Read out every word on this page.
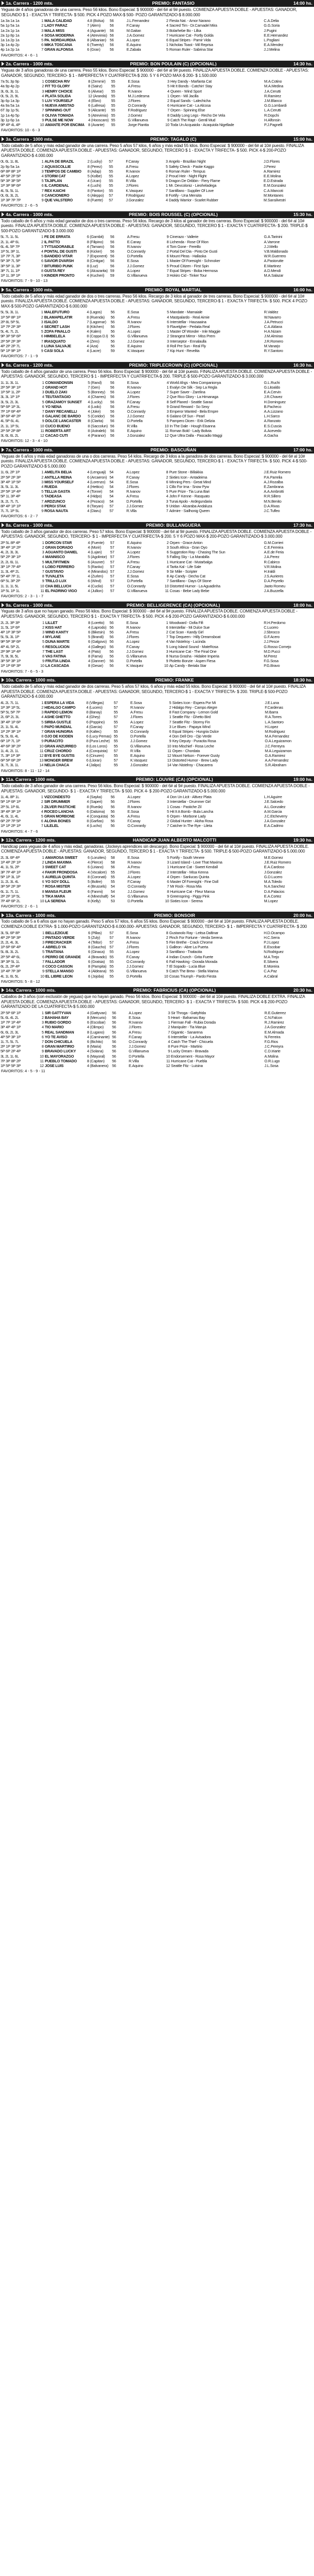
1a. Carrera - 1200 mts.	PREMIO: FANTASIO	14:00 hs.
Yeguas de 4 años ganadoras de una carrera. Peso 56 kilos. Bono Especial: $ 900000 - del 6# al 9# puesto. COMIENZA APUESTA DOBLE - APUESTAS: GANADOR, SEGUNDO $ 1 - EXACTA Y TRIFECTA- $ 500. PICK 4 POZO MAX-$ 500- POZO GARANTIZADO-$ 8.000.000
1a 3a 1a 1a	1	MALA CALIDAD	4.8 (Bolsa)	56	J.L.Fernandez	2	Fiesta Nat. - Amor Narano	C.A.Delia
5a 1p 5a 1a	2	LADY PARAZ	7 (Alem)	56	F.Canay	4	Sacred Tim - Dr.Carnadel Mira	G.G.Soria
1a 2a 1p 1a	3	MALA MISS	4 (Aguante)	56	M.Gaitan	3	Bolarhebe Bo - Lilka	J.Pugini
2a 1p 8p 1a	4	SOSA MODERNA	4 (Atrevimio)	56	J.A.Gomez	7	Hurricane Cat - Fortly Golda	E.E.Hernandez
1a 1a 2p 1a	5	PA. NORDAURDIA	8 (Albanian)	56	A.Lopez	6	Equal Stripes - Pamir Vida	L.Pogliani
3p 1a 4p 2p	6	MIKA TOSCANA	6 (Twenty)	56	E.Aquino	1	Nicholas Toast - Mil Reprisa	E.A.Mendez
4p 1a 2p 1a	7	GRAN ALFONSA	6 (Gran)	56	E.Zabala	5	Roman Ruler - Sabrina Star	J.J.Melina
FAVORITOS: 4 - 6 - 1
2a. Carrera - 1000 mts.	PREMIO: BON POULAIN (C) (OPCIONAL)	14:30 hs.
Yeguas de 3 años ganadoras de una carrera. Peso 55 kilos. Bono Especial: $ 900000 - del 6# al 9# puesto. FINALIZA APUESTA DOBLE. COMIENZA DOBLE - APUESTAS: GANADOR, SEGUNDO, TERCERO- $ 1 - IMPERFECTA Y CUATRIFECTA-$ 200. 5 Y 6 POZO MAX-$ 200- $ 1.500.000
7a 5L 3p 9p	1	COSECHA RIV	8 (Zemmir)	55	E.Sosa	3	Hey Dandy - Marfanta Cat	M.A.Cotino
4a 9p 4p 2p	2	FIT TO GLORY	8 (Sainz)	55	A.Fresu	5	Hit It Bonds - Catchin' Stay	M.A.Medina
3L 6L 3L 1L	3	HENRY CHOICE	6 (Alvear)	55	R.Ivanov	4	Queen - Wind Sport	J.A.Cerutti
0L 5L 2L 9L	4	PLATA SOLIDA	12 (Aranda)	55	M.J.Ledesma	1	Orpen - Mil Jacilla	R.Ramirez
3p 6p 1a 3p	5	LUV YOURSELF	4 (Ebro)	55	J.Flores	2	Equal Sands - Lalechicha	J.M.Blanco
4a 9a 5a 1a	6	NUEVA AMISTAD	6 (Lafresa)	55	O.Conrardy	6	Hurricane Cat - La Alcosa	G.G.Lombardi
6T 3p 1p 5L	7	SPINNING OUT	9 (Alicante)	55	F.Rodriguez	7	Orpen - Spinning Else	L.A.Cerutti
1p 1a 4p 5p	8	OLIVIA TOMADA	5 (Atrevimio)	55	J.Gomez	8	Daddy Long Legs - Recho De Vela	R.Dopchi
3p 1p 6p 1a	9	PULSE ME NOW	4 (Hooscaro)	55	G.Villanueva	9	Catch The Rapt - Gentil Mud	H.Alfonsin
9P 4P 4L 4P	10	AMANTE POR ENCIMA	8 (Avante)	55	Jorge Piantta	10	Toda Un Acquaiola - Acaquiola Nigellade	P.J.Pagnelli
FAVORITOS: 10 - 6 - 3
3a. Carrera - 1000 mts.	PREMIO: TAGALO (C)	15:00 hs.
Todo caballo de 5 años y más edad ganador de una carrera. Peso 5 años 57 kilos, 6 años y más edad 55 kilos. Bono Especial: $ 900000 - del 6# al 10# puesto. FINALIZA APUESTA DOBLE. COMIENZA APUESTA DOBLE - APUESTAS: GANADOR, SEGUNDO, TERCERO $ 1 - EXACTA Y TRIFECTA- $ 500. PICK 4-$ 200-POZO GARANTIZADO-$ 4.000.000
0L 6L 1L 8L	1	ALFA DE BRAZIL	2 (Lucky)	57	F.Canay	3	Angelo - Brazilian Night	J.D.Flores
2p 9p 5a 1a	2	AQUASCOLLIE	8 (Perez)	55	A.Fresu	5	Safety Check - Pastie Kaggo	J.Perez
6P 8P 8P 1P	3	TEMPOS DE CAMBIO	8 (Adap)	55	R.Ivanov	6	Roman Ruler - Tempus	A.Ramirez
4P 5P 2P 5P	4	STORM CAT	5 (Kolbe)	55	A.Lopez	2	Proud Heir - Night Flight	E.E.Molina
5P 3P 3P 5P	5	TAJIPLAN	4 (Ucan)	55	R.Villa	9	Dragon De Oribbin - Fiery Flame	E.D.Estrada
1P 3P 9P 6P	6	IL CARDENAL	4 (Luchi)	55	J.Flores	1	Mr. Devcoloniz - Lieoheladega	E.M.Gonzalez
4L 5L 5L 1L	7	REX KAICHI	8 (Panton)	55	K.Vasquez	7	Santillano - Supplier Of Love	C.A.Mancoti
0L 6L 3L 2L	8	CANCIONERO	6 (Aleppo)	57	F.Rodriguez	8	Fortify - Una Mensita	M.Montanes
1P 3P 7P 7P	9	QUE VALSTERO	8 (Fuerte)	57	J.Gonzalez	4	Daddy Warrior - Scarlet Rubber	M.Sansilvestri
FAVORITOS: 2 - 6 - 5
4a. Carrera - 1000 mts.	PREMIO: BOIS ROUSSEL (C) (OPCIONAL)	15:30 hs.
Todo caballo de 6 años y más edad ganador de dos o tres carreras. Peso 56 kilos. Recargo de 3 kilos al ganador de tres carreras. Bono Especial: $ 900000 - del 6# al 10# puesto. FINALIZA APUESTA DOBLE. COMIENZA APUESTA DOBLE - APUESTAS: GANADOR, SEGUNDO, TERCERO $ 1 - EXACTA Y CUATRIFECTA- $ 200. TRIPLE-$ 500-POZO GARANTIZADO-$ 3.000.000
5L 7L 1L 5L	1	FE DE ERRATA	6 (Gambit)	56	A.Fresu	9	Cinerazo - Vallerie	G.A.Tarinini
2L 1L 4P 6L	2	IL PATTO	8 (Filipino)	56	E.Canay	8	Lichenda - Rose Of Rion	A.Varrone
6L 4L 5P 7P	3	TYTSADORABLE	4 (Tamaro)	56	R.Ivanov	4	Tom Gone - Fereillo	J.J.Mello
1P 5L 3P 1L	4	PONTAL DE GUSTI	8 (Kicker)	56	O.Conrardy	2	Portal Del Dia - Pinto De Gusti	V.B.Maldonado
1P 7P 7L 3P	5	BANDIDO VITAR	7 (Exponent)	56	D.Portella	6	Mount Pleas - Hallaska	W.R.Guerrero
5P 3P 7L 5P	6	SAVIOR DVARSH	8 (Cintigar)	56	E.Sosa	1	Master Of Foresight - Schmoker	A.Pastorutte
3P 5P 1L 3P	7	BITURIBO PUNK	8 (Luz)	56	J.J.Gomez	5	Proud Citizen - First Spin	E.Martinez
3P 7L 1L 1P	8	GUSTA REY	6 (Alcazarita)	59	A.Lopez	7	Equal Stripes - Boba Hermosa	A.D.Mendi
1P 1L 3P 1P	9	KINDER PRONTO	4 (Kucheri)	59	G.Villanueva	3	Hokiro Cid - Tinker Tour	M.A.Salazar
FAVORITOS: 7 - 9 - 10 - 13
5a. Carrera - 1000 mts.	PREMIO: ROYAL MARTIAL	16:00 hs.
Todo caballo de 5 años y más edad ganador de dos o tres carreras. Peso 56 kilos. Recargo de 3 kilos al ganador de tres carreras. Bono Especial: $ 900000 - del 6# al 10# puesto. FINALIZA APUESTA DOBLE. COMIENZA APUESTA DOBLE - APUESTAS: GANADOR, SEGUNDO, TERCERO-$ 1 - EXACTA Y TRIFECTA- $ 500. PICK 4 POZO MAX-$ 500-POZO GARANTIZADO-$ 6.000.000
5L 5L 3L 1L	1	MALEFUTURO	4 (Lagos)	56	E.Sosa	5	Mandate - Mamaiale	R.Valdez
1P 5P 8P 1P	2	BLAMAPELATIR	8 (Ruenda)	56	A.Fresu	4	Mastpalardo - Real Aimie	W.Navarro
2P 8L 5P 5L	3	ISALDO	7 (Lagomar)	56	R.Ivanov	6	Interstellar - Hausaaina	J.A.Petrucci
1P 7P 2P 3P	4	SECRET LASH	8 (Kitchen)	56	J.Flores	9	Flavelgher - Perlaita Real	C.A.Aldana
5L 4L 7L 2L	5	ZOFA FINALLO	4 (Kalen)	56	A.Lopez	1	Master Of Wonder - Inle Maggie	H.A.Nizam
9P 3P 5P 6P	6	HIMBELELA	8 (Coppa D.I)	56	G.Villanueva	2	Strangest Mirror - Miss Prem	J.M.Almirao
2P 5P 2P 3P	7	IRASQUATO	4 (Zero)	56	J.J.Gomez	3	Interseptor - Ennalaulla	J.R.Romero
4P 2P 2P 7L	8	LUNA SALVAJE	4 (Aza)	56	E.Aquino	8	Roll Pre Sun - Real Fly	M.Vanarjo
5P 1P 9P 1P	9	CASI SOLA	4 (Lacre)	59	K.Vasquez	7	Kip Hunt - Revelita	R.Y.Santoro
FAVORITOS: 7 - 1 - 9
6a. Carrera - 1200 mts.	PREMIO: TRIPLECROWN (C) (OPCIONAL)	16:30 hs.
Todo caballo de 4 años ganador de una carrera. Peso 56 kilos. Bono Especial: $ 900000 - del 6# al 10# puesto. FINALIZA APUESTA DOBLE. COMIENZA APUESTA DOBLE - APUESTAS: GANADOR, SEGUNDO, TERCERO $ 1 - IMPERFECTA Y CUATRIFECTA-$ 200. TRIPLE-$ 500-POZO GARANTIZADO-$ 3.000.000
1L 1L 3L 1L	1	COMANDONSIN	5 (Rand)	56	E.Sosa	4	World Ahgs - Mea Companionya	G.L.Ruchi
2P 5P 3P 1P	2	GRAND HOT	7 (Gen)	56	R.Ivanov	1	Evalyn De Silk - Sep La Regla	G.Litoaldo
1P 5P 1L 2P	3	DUELO ZAKI	5 (Bonney)	56	A.Lopez	7	Super Saver - Zarelina	E.A.Cervin
3L 3L 1P 1P	4	TEUTANTAGIO	4 (Charres)	56	J.Flores	2	Que Rico Glory - La Himanaga	J.R.Chavez
3L 5L 2L 3L	5	ORAZAMOY SUNSET	4 (Lucky)	56	F.Canay	8	Self Planed - Seattle Saraxi	H.Dominguez
5P 6P 1P 3L	6	YO NENA	4 (Lodo)	56	A.Fresu	9	Grand Reward - So Sexy	B.Pacheco
7P 1P 6P 4P	7	DANY RECANELLI	4 (Joke)	56	O.Conrardy	3	Emperor Wanted - Bela Empre	A.A.Lizzano
3P 6P 4P 2P	8	GALANC DE BARDO	5 (Coridor)	56	J.J.Gomez	6	Galano Of Sun - Pearl	L.H.Sarco
4L 5P 6L 4L	9	DOLCE LANCASTER	8 (Clarita)	56	D.Portella	5	Pampero Dicen - Erik Delizia	A.Ranzato
2L 1L 1P 5L	10	CUCO BUENO	8 (Saccolun)	56	R.Villa	10	In The Dale - Hough Eisanna	E.S.Cuscia
2P 5P 2P 8P	11	ROBERTA ART	8 (Astraleb)	56	E.Aquino	11	Roman Bold - Lady Bolivia	A.Acevedo
3L 6L 6L 2L	12	CACAO CUTI	4 (Paranor)	56	J.Gonzalez	12	Que Ultra Dalla - Pascadio Maggi	A.Gacha
FAVORITOS: 12 - 3 - 4 - 10
7a. Carrera - 1000 mts.	PREMIO: BASCUÑAN	17:00 hs.
Yeguas de 6 años y más edad ganadoras de una o dos carreras. Peso 54 kilos. Recargo de 3 kilos a la ganadora de dos carreras. Bono Especial: $ 900000 - del 6# al 10# puesto. FINALIZA APUESTA DOBLE. COMIENZA APUESTA DOBLE - APUESTAS: GANADOR, SEGUNDO, TERCERO-$ 1 - EXACTA Y TRIFECTA- $ 500. PICK 4-$ 500-POZO GARANTIZADO-$ 5.000.000
1L 6L 2P 1P	1	AMELITA BELIA	4 (Lenguaji)	54	A.Lopez	8	Pure Stone - Billakkia	J.E.Ruiz Romero
2P 5P 2P 3P	2	ANTILLA REINA	6 (Arcaeron)	54	F.Canay	2	Sixties Icon - Antadeima	P.A.Parrelia
3P 4P 1P 5P	3	MISS YOURSELF	4 (Lorenzo)	54	E.Sosa	6	Winning Pers - Great Mind	A.J.Rozalba
3L 5L 1L 3L	4	RUEDA	4 (Hettico)	54	J.Flores	1	Cillo For Ima - Snow Pyw	E.Zambrana
2P 5P 1P 4P	5	TELLIA GASTA	4 (Tonne)	54	R.Ivanov	5	Pure Prize - Tia Luna Bari	A.A.Ambrotti
5P 1L 3P 4P	6	TADEASA	4 (Hidpo)	54	A.Fresu	4	John F Kenne - Rasquato	R.R.Sillero
3L 2L 7L 7L	7	ARDZUNCO	4 (Pezaco)	54	D.Portella	3	Tunai Apolo - Ardegundaria	M.N.Benito
8P 4P 1P 1P	8	PERGI STAK	8 (Taryan)	57	J.J.Gomez	9	Uridan - Alcaraba Andaluza	D.A.Rivas
7L 7L 1P 5L	9	ROSA NAUTA	4 (Diaru)	57	R.Villa	7	Admire - Sailhonig Queen	J.C.Tufleo
FAVORITOS: 6 - 2 - 7
8a. Carrera - 1000 mts.	PREMIO: BULLANGUERA	17:30 hs.
Todo caballo de 3 años ganador de dos carreras. Peso 57 kilos. Bono Especial: $ 900000 - del 6# al 9# puesto. FINALIZA APUESTA DOBLE. COMIENZA APUESTA DOBLE - APUESTAS: GANADOR, SEGUNDO, TERCERO- $ 1 - IMPERFECTA Y CUATRIFECTA-$ 200. 5 Y 6 POZO MAX-$ 200-POZO GARANTIZADO-$ 3.000.000
2P 5L 8P 4P	1	DORCON STAR	4 (Fuente)	57	E.Aquino	2	Orpen - Grace Anton	G.M.Corrieri
3P 4P 1P 2P	2	GRAN DORADO	4 (Morir)	57	R.Ivanov	3	South Africa - Gran Oyo	C.E.Ferreira
4L 2L 3L 3L	3	AGUANTO DANIEL	4 (Lujan)	57	A.Lopez	6	Suggestion Ray - Chasing The Sun	A.E.de Feria
5P 2P 3P 1P	4	MANNISCO	5 (Agolintor)	57	J.Flores	5	Falling Sky - La Marabilla	J.A.Perez
2L 2L 6L 1L	5	MULTIFITMEN	6 (Asuner)	57	A.Fresu	1	Hurricane Cat - Mutarbalga	R.Cabirco
3P 1P 7P 4P	6	LOBO FERRERO	5 (Ranko)	57	F.Canay	4	Tarita Kal - Life Sale	V.R.Molina
1L 3L 4P 2L	7	GUSTAVIO	4 (Mirandos)	57	J.J.Gomez	9	Sir Milie - Scripter	H.Iraldi
5P 4P 7P 1L	8	TUVALETA	4 (Zurlen)	57	E.Sosa	8	Ap Candy - Decha Cat	J.S.Aurieres
6P 5L 3P 2P	9	TRILLO LUX	6 (Wind)	57	D.Portella	7	Santillano - Days Of Stone	D.A.Peyrelio
1L 1L 1L 5L	10	CHA BELLUCH	4 (Cuclio)	57	O.Conrardy	10	Distorted Humor - La Aguadinha	Jaoto Romeu
1P 5L 1P 1L	11	EL PADRINO VIGO	4 (Jullion)	57	G.Villanueva	11	Cosas - Bebe Lady Bebe	J.A.Buzzella
FAVORITOS: 2 - 3 - 1 - 7
9a. Carrera - 1000 mts.	PREMIO: BELLIGERENCE (CA) (OPCIONAL)	18:00 hs.
Yeguas de 3 años que no hayan ganado. Peso 56 kilos. Bono Especial: $ 900000 - del 6# al 9# puesto. FINALIZA APUESTA DOBLE. COMIENZA APUESTA DOBLE - APUESTAS: GANADOR, SEGUNDO, TERCERO $ 1 - EXACTA Y TRIFECTA- $ 500. PICK 4-$ 200-POZO GARANTIZADO-$ 6.000.000
2L 2L 3P 3P	1	LILLET	8 (Loretto)	56	E.Sosa	1	Woodward - Dofia Fifi	R.H.Perdomo
1L 5L 1P 6P	2	KISS HAT	4 (Laprodo)	56	R.Ivanov	6	Interstellar - Mi Dulce Sue	C.Lucero
4P 1P 3P 5P	3	WIND KANTY	6 (Bikesin)	56	A.Fresu	2	Cat Scan - Kandy Girl	J.Sbrocco
5L 5L 3L 1P	4	MYLANE	5 (Brandi)	56	J.Flores	7	Top Dequeen - Hilly Dreamsboat	G.F.Acero
9P 5P 3P 6P	5	DUNA MARTE	6 (Galgovo)	56	A.Lopez	4	Van Nistelroy - Lucinda	J.J.Pesce
4P 4L 5P 2L	6	RESOLUCION	4 (Gallego)	56	F.Canay	5	Long Island Sound - MateRosa	G.Rosso Cornejo
2P 9P 1P 4P	7	THE LAST	4 (Pato)	56	J.J.Gomez	3	Hurricane Cat - The Final One	M.D.Pucci
7L 9L 9L 5L	8	VAS FATINA	8 (Fama)	56	G.Villanueva	8	Nursa Grasha - Hidalee Imperia	M.Perez
3P 5P 3P 1P	9	FRUTIA LINDA	4 (Danner)	56	D.Portella	9	Pioletto Bonzie - Aspen Fiesa	F.G.Sosa
1P 1P 6P 3P	10	LA CASCADA	8 (Gesar)	56	K.Vasquez	10	Ap Candy - Beriala Star	P.G.Bravo
FAVORITOS: 7 - 6 - 5 - 3
10a. Carrera - 1000 mts.	PREMIO: FRANKE	18:30 hs.
Todo caballo de 5 años y más edad ganador de dos carreras. Peso 5 años 57 kilos, 6 años y más edad 55 kilos. Bono Especial: $ 900000 - del 6# al 10# puesto. FINALIZA APUESTA DOBLE. COMIENZA APUESTA DOBLE - APUESTAS: GANADOR, SEGUNDO, TERCERO-$ 1 - EXACTA Y TRIFECTA- $ 200. TRIPLE-$ 500-POZO GARANTIZADO-$ 4.000.000
4L 2L 7L 1L	1	ESPERA LA VIDA	8 (Villegas)	57	E.Sosa	5	Sixties Icon - Espera Por Mi	J.E.Luna
1P 3P 1P 5L	2	HIDALGO CAMPO	4 (Lucero)	57	R.Ivanov	2	Hidalgo Rey - Campo Alegre	F.Cardenas
5P 5L 5P 7P	3	RAPIDO LEMON	8 (Banay)	55	A.Fresu	8	Fast Company - Lemon Gold	M.Ibarra
2L 6P 2L 3L	4	ASHE GHETTO	4 (Ghey)	57	J.Flores	1	Seattle Fitz - Ghetto Bird	R.A.Torres
3P 4P 1P 6P	5	SIRBA GUSTLE	6 (Poppino)	55	A.Lopez	7	Seattle Fitz - Stormy Fin	L.A.Santoro
2L 1L 5L 4L	6	PAPO MUNDIAL	4 (Garcia)	57	F.Canay	3	Le Blues - Papaya Wind	H.Lopez
1P 2P 3P 1P	7	GRAN HUNGRIA	8 (Kaltec)	55	O.Conrardy	6	Equal Stripes - Hungria Dulce	M.Rodriguez
5L 5L 6L 4L	8	OJO DE KIODEN	6 (Lucy Pernas)	55	D.Portella	4	Don Dell Oro - Ojo Verde	M.A.Fernandez
6P 1P 7L 1P	9	PURACITO	8 (Pura Leche)	55	J.J.Gomez	9	Key Deputy - Puracita Rosa	O.A.Leguizamon
4P 6P 3P 2P	10	GRAN ANZURREO	8 (Los Loros)	55	G.Villanueva	10	Into Mischief - Rosa Leche	J.C.Ferreyra
1L 4L 2L 1L	11	CRUZ CHORDO	4 (Conquista)	57	R.Villa	11	Orpen - Chordata	M.A.Leguizamon
7L 3P 1P 3P	12	BYE BYE GUSTIS	6 (Cinuren)	55	E.Aquino	12	Mount Nelson - Forever Gusty	G.A.Ramirez
6P 5P 6P 2P	13	MONGER BREW	6 (Lloran)	57	K.Vasquez	13	Distorted Humor - Brew Lady	A.A.Fernandez
3L 7L 3L 1L	14	NELIA CHACA	4 (Jalipo)	55	J.Gonzalez	14	Van Nistelroy - Chacarera	S.R.Abraham
FAVORITOS: 8 - 11 - 12 - 14
11a. Carrera - 1000 mts.	PREMIO: LOUVRE (CA) (OPCIONAL)	19:00 hs.
Todo caballo de 3 años ganador de una carrera. Peso 56 kilos. Bono Especial: $ 900000 - del 6# al 9# puesto. FINALIZA APUESTA DOBLE. COMIENZA APUESTA DOBLE - APUESTAS: GANADOR, SEGUNDO- $ 1 - EXACTA Y TRIFECTA- $ 500. PICK 4- $ 200-POZO GARANTIZADO-$ 5.000.000
1L 4L 8P 1L	1	VIZCONDESTO	4 (Sayka)	56	A.Lopez	4	Don Un Licit - Altivez Plata	L.H.Aguirre
5P 1P 6P 1P	2	SIR DRUMMER	4 (Saperi)	56	J.Flores	3	Interstellar - Drummer Girl	J.E.Salcedo
2P 5L 1P 6L	3	ZILVER PASTICHE	8 (Rueda)	56	R.Ivanov	1	Cosas - Pastiche Zil	A.L.Gonzalez
3P 4P 3P 1P	4	ROCEO LANCHA	6 (Dalsima)	56	E.Sosa	5	Hit It A Bomb - Bula Lancha	A.M.Garcia
4L 6L 1L 4L	5	GRAN MORBONE	4 (Conquista)	56	A.Fresu	6	Orpen - Morbone Lady	J.C.Etcheverry
6P 2P 7P 5P	6	ALOHA BONES	8 (Garfias)	56	F.Canay	2	Global Hunter - Aloha Rosa	J.A.Gonzalez
1P 1P 2P 1P	7	LILELEL	4 (Lucho)	56	O.Conrardy	7	Catcher In The Rye - Lileta	E.A.Cadrino
FAVORITOS: 4 - 7 - 6
12a. Carrera - 1200 mts.	HANDICAP JUAN ALBERTO MALCOTTI	19:30 hs.
Handicap para yeguas de 4 años y más edad, ganadoras. (Jockeys aprendices sin descargo). Bono Especial: $ 900000 - del 6# al 10# puesto. FINALIZA APUESTA DOBLE. COMIENZA APUESTA DOBLE - APUESTAS: GANADOR, SEGUNDO, TERCERO $ 1 - EXACTA Y TRIFECTA- $ 500. TRIPLE-$ 500-POZO GARANTIZADO-$ 5.000.000
2L 3L 6P 4P	1	AMAROSA SWEET	6 (Lonzites)	58	E.Sosa	5	Fortify - South Venere	M.E.Gomez
1P 4P 2P 1P	2	LINDA MAXIMA	4 (Pierce)	58	R.Ivanov	3	Lizard Island - Love That Maxima	J.E.Ruiz Romero
4L 1L 5L 2P	3	SWEET CAT	6 (Liriano)	56	A.Fresu	1	Hurricane Cat - Sweet Kendall	E.A.Cardoso
3P 7P 4P 1P	4	FAKIR FRONDOSA	4 (Vocalore)	55	J.Flores	2	Interstellar - Misa Kenna	J.Gonzalez
5P 1P 3L 1P	5	AURELIA QUINTA	8 (Coronati)	55	A.Lopez	4	Orpen - Sanlucas Quinta	G.D.Lucero
1L 2L 3L 4L	6	YO SOY DOLL	5 (Boltre)	55	F.Canay	6	Master Of Foresight - Fine Doll	M.A.Toledo
3P 5P 2P 3P	7	ROSA MISTER	4 (Brussels)	54	O.Conrardy	7	Mr Rock - Rosa Mia	N.A.Sanchez
6L 1L 7L 1L	8	MANSA FLEUR	6 (Fanmi)	54	J.J.Gomez	8	Hurricane Cat - Fleur Mansa	D.A.Palacios
2P 2P 1P 5L	9	TIKA MARA	4 (Mineshaft)	54	G.Villanueva	9	Greenspring - Piggy Pink	E.A.Cortez
7P 4P 6P 2L	10	LA SERENA	8 (Kelly)	53	D.Portella	10	Sixties Icon - Serena	M.Lopez
FAVORITOS: 2 - 6 - 1
13a. Carrera - 1000 mts.	PREMIO: BONSOIR	20:00 hs.
Todo caballo de 5 a 6 años que no hayan ganado. Peso 5 años 57 kilos, 6 años 55 kilos. Bono Especial: $ 900000 - del 6# al 10# puesto. FINALIZA APUESTA DOBLE. COMIENZA DOBLE EXTRA- $ 1.000-POZO GARANTIZADO-$ 4.000.000- APUESTAS: GANADOR, SEGUNDO, TERCERO- $ 1 - IMPERFECTA Y CUATRIFECTA- $ 200
3L 5L 6P 8P	1	BELLEZIGUE	6 (Pillas)	57	E.Sosa	8	Gustanolo Ray - Leitsa Daltinar	H.D.Ocampo
4P 2P 5P 3P	2	PINTADO VERDE	5 (Zuly)	57	R.Ivanov	2	Pinch For Fortune - Verda Serena	H.C.Serra
2L 2L 4L 3L	3	FIRECRACKER	4 (Teltor)	57	A.Fresu	5	Fire Brethe - Crack Chrome	P.J.Lopez
1P 6P 6P 4P	4	ABRELO YA	8 (Gaucho)	57	J.Flores	1	Galleon - Abre La Puerta	E.Escobar
5L 8L 3L 2L	5	TRAITANA	6 (Ginaca)	55	A.Lopez	3	Santillano - Traitacita	N.Rodriguez
2P 5P 4P 6L	6	PERRO DE GRANDE	4 (Bravado)	55	F.Canay	4	Indian Crunch - Grita Fuerte	M.A.Trejo
3P 3P 5L 1L	7	FALLADOR	6 (Gratsia)	55	O.Conrardy	6	Fall Hawking - Dorada Morada	E.Silvera
6L 2L 2P 4P	8	COCO CASSON	8 (Pampita)	55	J.J.Gomez	7	El Sopado - Lucia Blue	E.Moreira
1P 4P 7P 3P	9	STELLA MANSO	4 (Aldeana)	55	G.Villanueva	9	Catch The Brew - Stella Marina	C.A.Paz
4L 1L 6L 5L	10	EL LIBRE LEON	6 (Jojoba)	55	D.Portella	10	Cosas Triumph - Pardo Fiesta	A.Cabral
FAVORITOS: 5 - 8 - 12
14a. Carrera - 1000 mts.	PREMIO: FABRICIUS (CA) (OPCIONAL)	20:30 hs.
Caballos de 3 años (con exclusión de yeguas) que no hayan ganado. Peso 56 kilos. Bono Especial: $ 900000 - del 6# al 10# puesto. FINALIZA DOBLE EXTRA. FINALIZA APUESTA DOBLE. COMIENZA APUESTA DOBLE - APUESTAS: GANADOR, SEGUNDO, TERCERO- $ 1 - EXACTA Y TRIFECTA- $ 500. PICK 4-$ 200-POZO GARANTIZADO DE LA CUATRIFECTA-$ 5.000.000
2P 5P 6P 1P	1	SIR GATTYVAN	4 (Gattyvan)	56	A.Lopez	3	Sir Throga - Gattyfrida	R.E.Gutierrez
5L 6L 4L 2L	2	BAHAHA BAY	8 (Mercurio)	56	E.Sosa	5	Heart - Bahamas Bay	C.N.Falcon
1P 7P 1P 4P	3	RUBIO GORDO	6 (Escobar)	56	R.Ivanov	1	Fierman Fall - Rubia Dorada	R.J.Ramirez
3P 4P 4P 1P	4	TIO MARIO	4 (Olimpo)	56	J.Flores	2	Manipuler - Tia Maruja	J.A.Gonzalez
6L 6L 2L 3L	5	REAL SANDMAN	8 (Lugano)	56	A.Fresu	7	Gigantic - Sanarena	E.M.Almada
4P 5P 3P 1P	6	YO TE AVISO	4 (Caminante)	56	F.Canay	6	Interstellar - La Avisadora	N.Ferreira
1L 7L 5L 7L	7	DON CHICUELA	6 (Bichito)	56	O.Conrardy	4	Catch The Thief - Chicuela	F.G.Rios
2P 1P 3P 5P	8	GRAN MARTIRIO	8 (Maria)	56	J.J.Gomez	8	Pure Prize - Martirio	J.C.Pereyra
5P 6P 2P 4P	9	BRAVADO LUCKY	4 (Solana)	56	G.Villanueva	9	Lucky Dream - Bravada	C.D.Iriarte
3L 2L 1L 6L	10	EL MAYORAZGO	6 (Mayoral)	56	D.Portella	10	Endorsement - Rosa Mayor	A.Molina
7P 3P 8P 2P	11	PUEBLO TOMADO	8 (Capitan)	56	R.Villa	11	Hurricane Cat - Puebla	O.R.Lugo
1P 5P 5P 3P	12	JOSE LUIS	4 (Balvanera)	56	E.Aquino	12	Seattle Fitz - Luisina	J.L.Sosa
FAVORITOS: 4 - 5 - 9 - 11
